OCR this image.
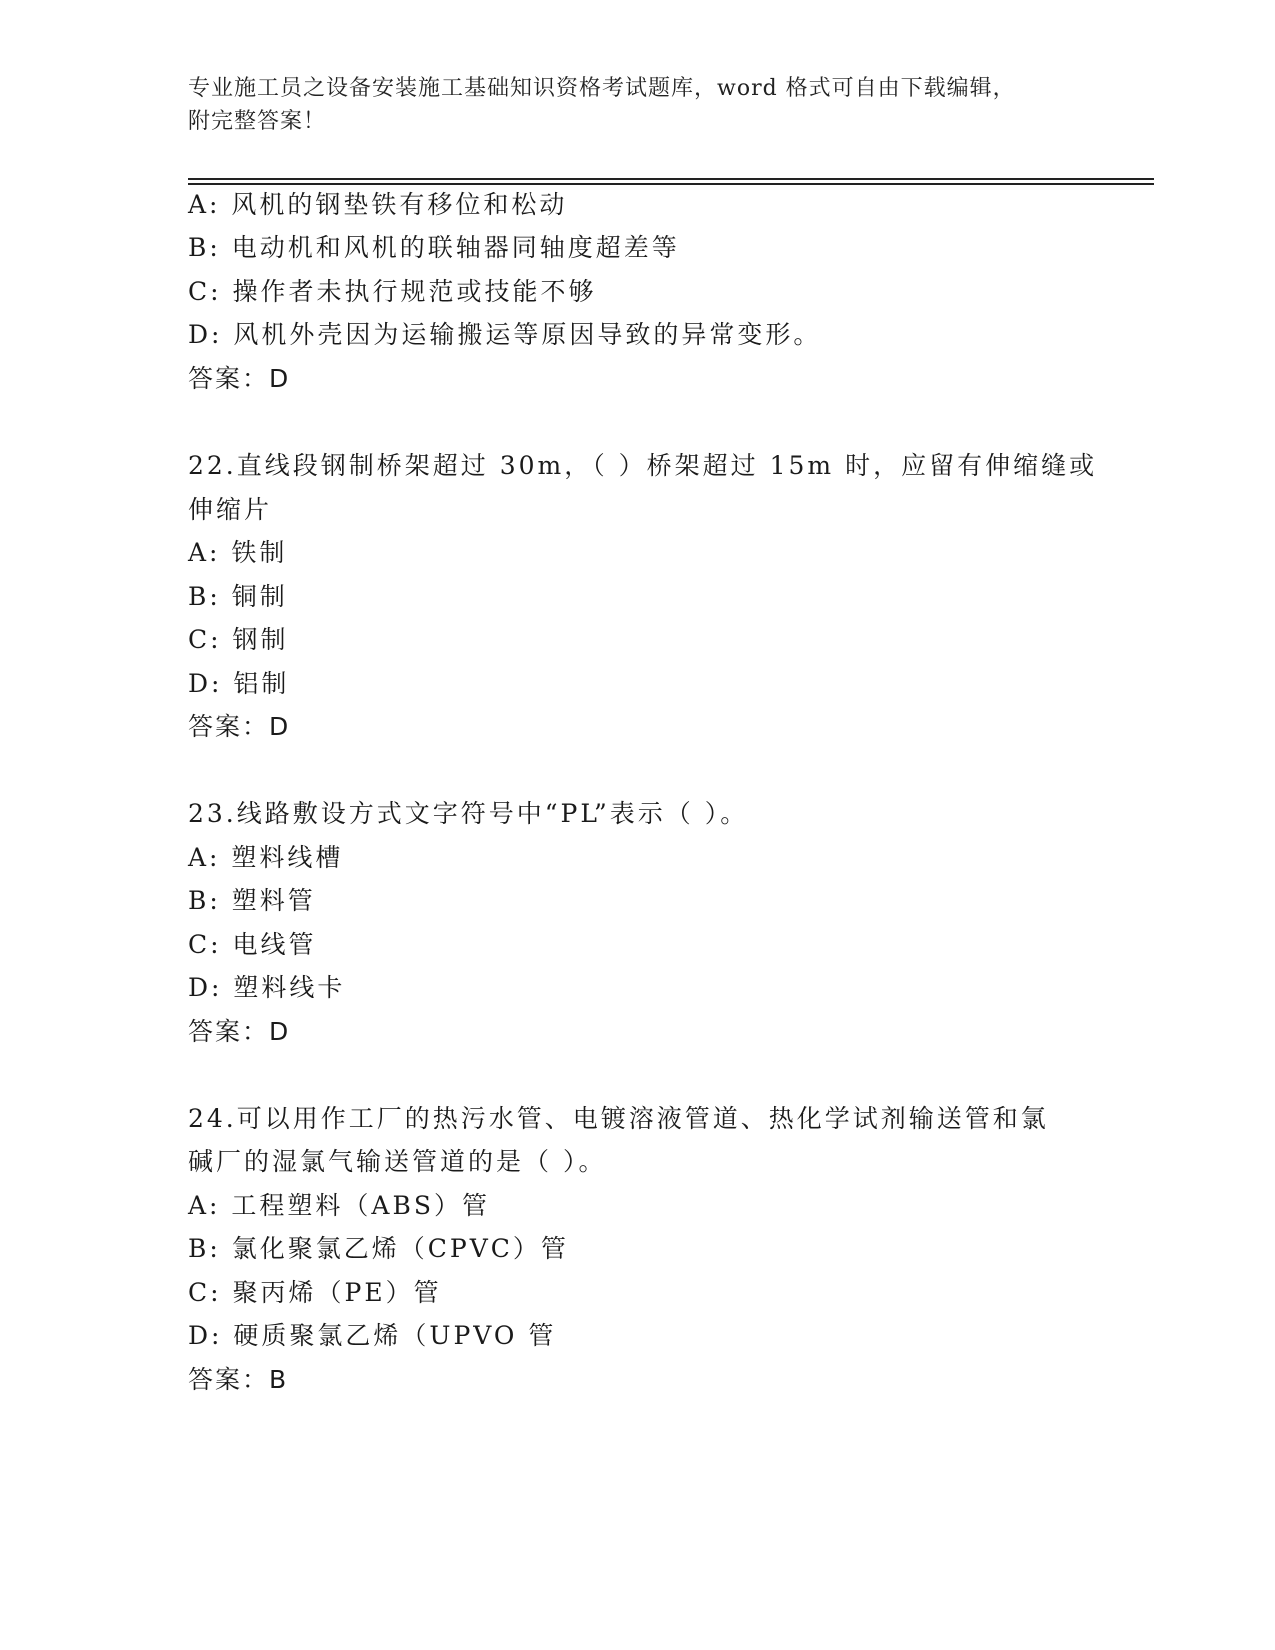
专业施工员之设备安装施工基础知识资格考试题库，word 格式可自由下载编辑，
附完整答案！
A: 风机的钢垫铁有移位和松动
B: 电动机和风机的联轴器同轴度超差等
C: 操作者未执行规范或技能不够
D: 风机外壳因为运输搬运等原因导致的异常变形。
答案：D
22.直线段钢制桥架超过 30m，（ ）桥架超过 15m 时，应留有伸缩缝或
伸缩片
A: 铁制
B: 铜制
C: 钢制
D: 铝制
答案：D
23.线路敷设方式文字符号中“PL”表示（ ）。
A: 塑料线槽
B: 塑料管
C: 电线管
D: 塑料线卡
答案：D
24.可以用作工厂的热污水管、电镀溶液管道、热化学试剂输送管和氯
碱厂的湿氯气输送管道的是（ ）。
A: 工程塑料（ABS）管
B: 氯化聚氯乙烯（CPVC）管
C: 聚丙烯（PE）管
D: 硬质聚氯乙烯（UPVO 管
答案：B
